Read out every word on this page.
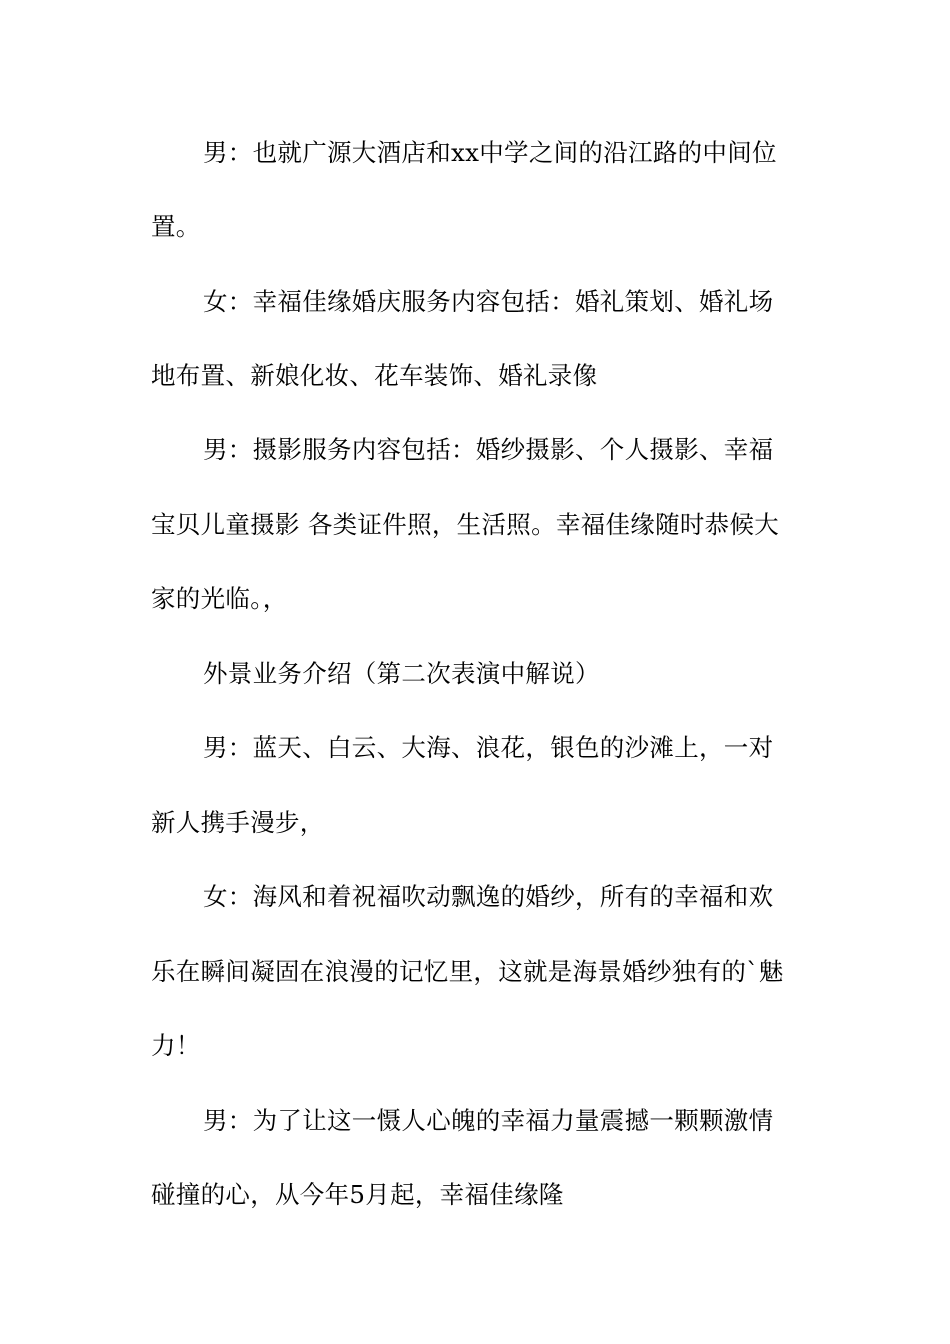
男：也就广源大酒店和xx中学之间的沿江路的中间位

置。

女：幸福佳缘婚庆服务内容包括：婚礼策划、婚礼场

地布置、新娘化妆、花车装饰、婚礼录像

男：摄影服务内容包括：婚纱摄影、个人摄影、幸福

宝贝儿童摄影 各类证件照，生活照。幸福佳缘随时恭候大

家的光临。，

外景业务介绍（第二次表演中解说）

男：蓝天、白云、大海、浪花，银色的沙滩上，一对

新人携手漫步，

女：海风和着祝福吹动飘逸的婚纱，所有的幸福和欢

乐在瞬间凝固在浪漫的记忆里，这就是海景婚纱独有的`魅

力！

男：为了让这一慑人心魄的幸福力量震撼一颗颗激情

碰撞的心，从今年5月起，幸福佳缘隆
